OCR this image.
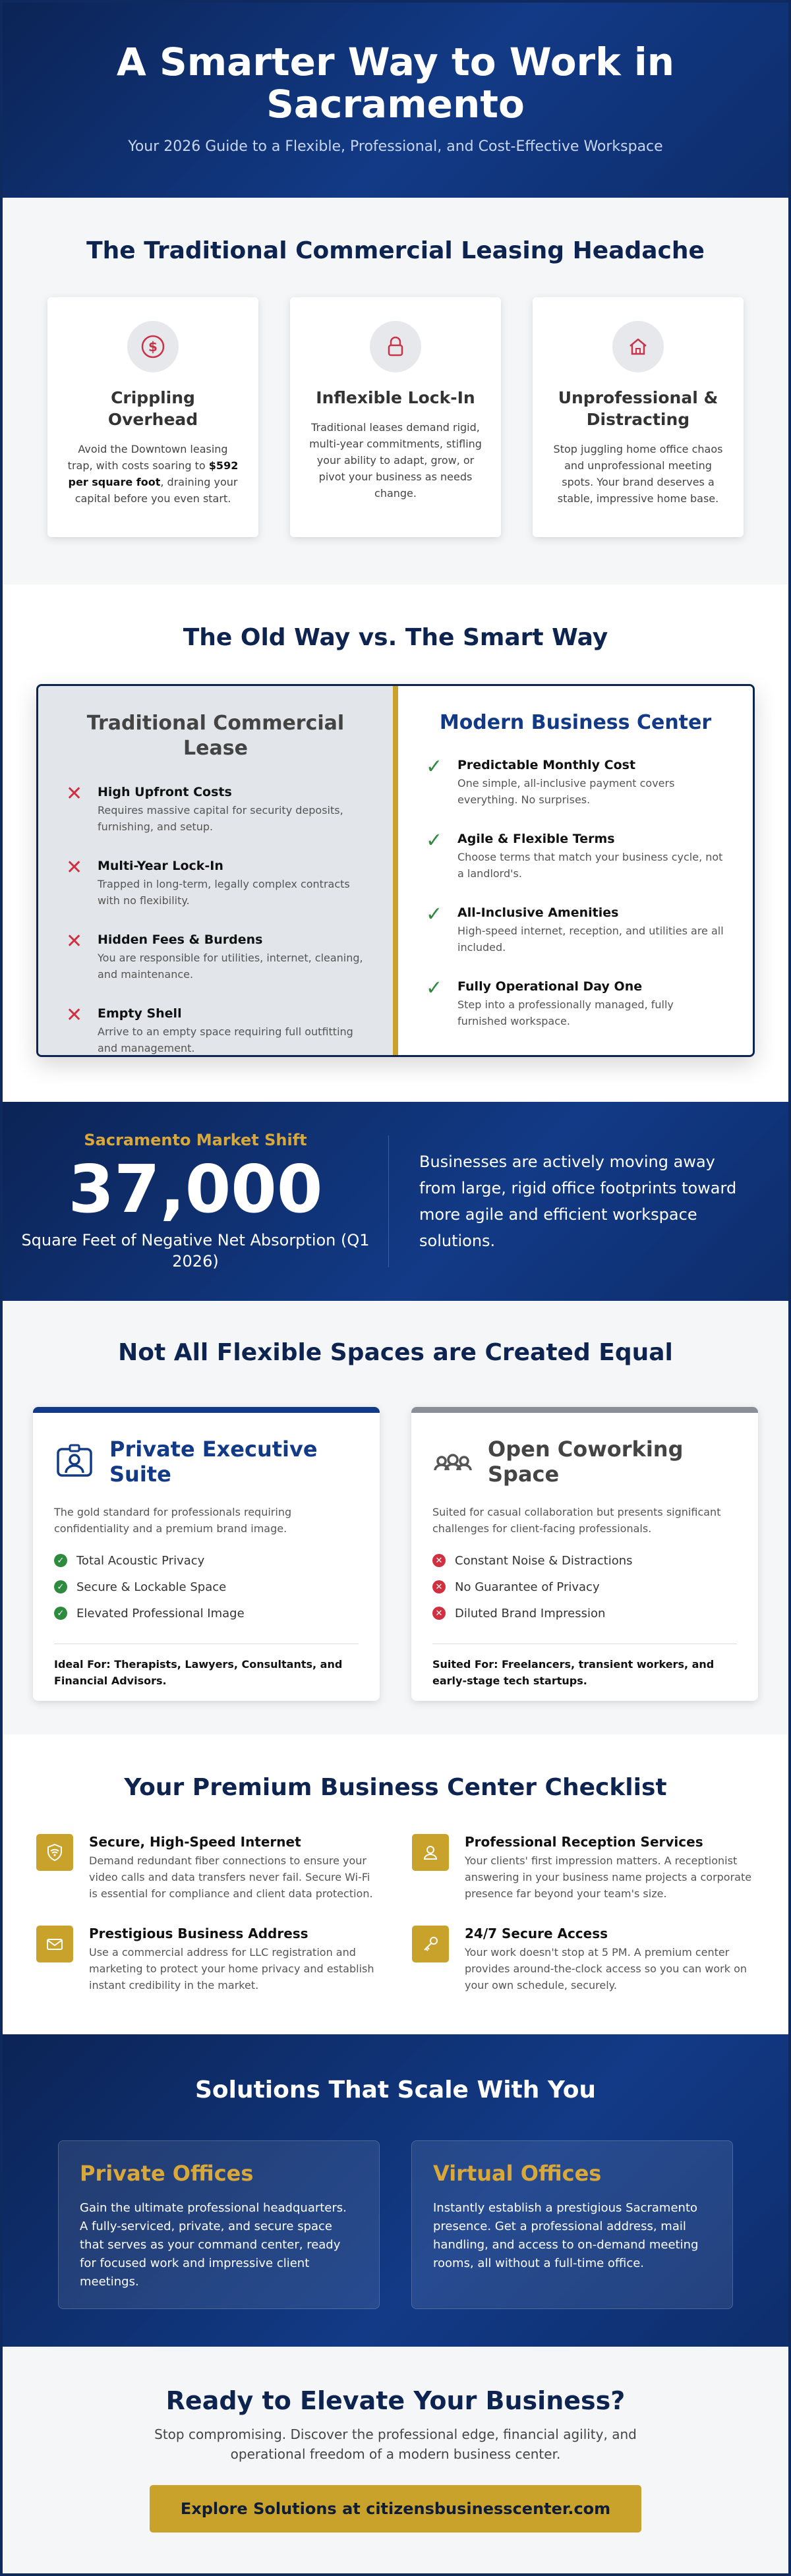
A Smarter Way to Work in Sacramento

Your 2026 Guide to a Flexible, Professional, and Cost-Effective Workspace

The Traditional Commercial Leasing Headache
$
Crippling Overhead

Avoid the Downtown leasing trap, with costs soaring to $592 per square foot, draining your capital before you even start.

Inflexible Lock-In

Traditional leases demand rigid, multi-year commitments, stifling your ability to adapt, grow, or pivot your business as needs change.

Unprofessional & Distracting

Stop juggling home office chaos and unprofessional meeting spots. Your brand deserves a stable, impressive home base.

The Old Way vs. The Smart Way
Traditional Commercial Lease
✕ High Upfront Costs

Requires massive capital for security deposits, furnishing, and setup.

✕ Multi-Year Lock-In

Trapped in long-term, legally complex contracts with no flexibility.

✕ Hidden Fees & Burdens

You are responsible for utilities, internet, cleaning, and maintenance.

✕ Empty Shell

Arrive to an empty space requiring full outfitting and management.

Modern Business Center
✓ Predictable Monthly Cost

One simple, all-inclusive payment covers everything. No surprises.

✓ Agile & Flexible Terms

Choose terms that match your business cycle, not a landlord's.

✓ All-Inclusive Amenities

High-speed internet, reception, and utilities are all included.

✓ Fully Operational Day One

Step into a professionally managed, fully furnished workspace.

Sacramento Market Shift
37,000
Square Feet of Negative Net Absorption (Q1 2026)
Businesses are actively moving away from large, rigid office footprints toward more agile and efficient workspace solutions.
Not All Flexible Spaces are Created Equal
Private Executive Suite

The gold standard for professionals requiring confidentiality and a premium brand image.

✓ Total Acoustic Privacy
✓ Secure & Lockable Space
✓ Elevated Professional Image
Ideal For: Therapists, Lawyers, Consultants, and Financial Advisors.
Open Coworking Space

Suited for casual collaboration but presents significant challenges for client-facing professionals.

✕ Constant Noise & Distractions
✕ No Guarantee of Privacy
✕ Diluted Brand Impression
Suited For: Freelancers, transient workers, and early-stage tech startups.
Your Premium Business Center Checklist
Secure, High-Speed Internet

Demand redundant fiber connections to ensure your video calls and data transfers never fail. Secure Wi-Fi is essential for compliance and client data protection.

Professional Reception Services

Your clients' first impression matters. A receptionist answering in your business name projects a corporate presence far beyond your team's size.

Prestigious Business Address

Use a commercial address for LLC registration and marketing to protect your home privacy and establish instant credibility in the market.

24/7 Secure Access

Your work doesn't stop at 5 PM. A premium center provides around-the-clock access so you can work on your own schedule, securely.

Solutions That Scale With You
Private Offices

Gain the ultimate professional headquarters. A fully-serviced, private, and secure space that serves as your command center, ready for focused work and impressive client meetings.

Virtual Offices

Instantly establish a prestigious Sacramento presence. Get a professional address, mail handling, and access to on-demand meeting rooms, all without a full-time office.

Ready to Elevate Your Business?

Stop compromising. Discover the professional edge, financial agility, and operational freedom of a modern business center.

Explore Solutions at citizensbusinesscenter.com
